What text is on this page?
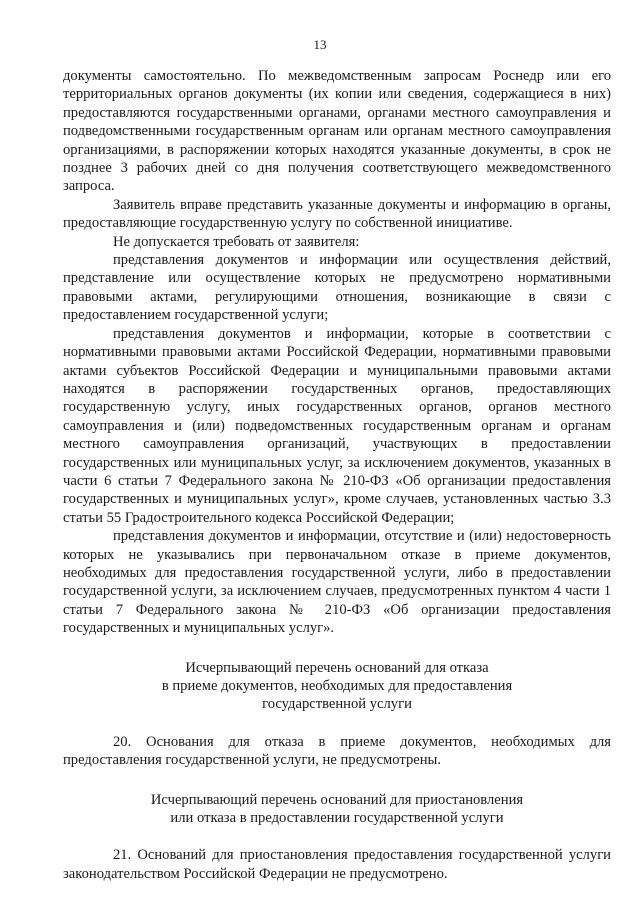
13

документы самостоятельно. По межведомственным запросам Роснедр или его территориальных органов документы (их копии или сведения, содержащиеся в них) предоставляются государственными органами, органами местного самоуправления и подведомственными государственным органам или органам местного самоуправления организациями, в распоряжении которых находятся указанные документы, в срок не позднее 3 рабочих дней со дня получения соответствующего межведомственного запроса.

Заявитель вправе представить указанные документы и информацию в органы, предоставляющие государственную услугу по собственной инициативе.

Не допускается требовать от заявителя:

представления документов и информации или осуществления действий, представление или осуществление которых не предусмотрено нормативными правовыми актами, регулирующими отношения, возникающие в связи с предоставлением государственной услуги;

представления документов и информации, которые в соответствии с нормативными правовыми актами Российской Федерации, нормативными правовыми актами субъектов Российской Федерации и муниципальными правовыми актами находятся в распоряжении государственных органов, предоставляющих государственную услугу, иных государственных органов, органов местного самоуправления и (или) подведомственных государственным органам и органам местного самоуправления организаций, участвующих в предоставлении государственных или муниципальных услуг, за исключением документов, указанных в части 6 статьи 7 Федерального закона № 210-ФЗ «Об организации предоставления государственных и муниципальных услуг», кроме случаев, установленных частью 3.3 статьи 55 Градостроительного кодекса Российской Федерации;

представления документов и информации, отсутствие и (или) недостоверность которых не указывались при первоначальном отказе в приеме документов, необходимых для предоставления государственной услуги, либо в предоставлении государственной услуги, за исключением случаев, предусмотренных пунктом 4 части 1 статьи 7 Федерального закона № 210-ФЗ «Об организации предоставления государственных и муниципальных услуг».

Исчерпывающий перечень оснований для отказа

в приеме документов, необходимых для предоставления

государственной услуги

20. Основания для отказа в приеме документов, необходимых для предоставления государственной услуги, не предусмотрены.

Исчерпывающий перечень оснований для приостановления

или отказа в предоставлении государственной услуги

21. Оснований для приостановления предоставления государственной услуги законодательством Российской Федерации не предусмотрено.
